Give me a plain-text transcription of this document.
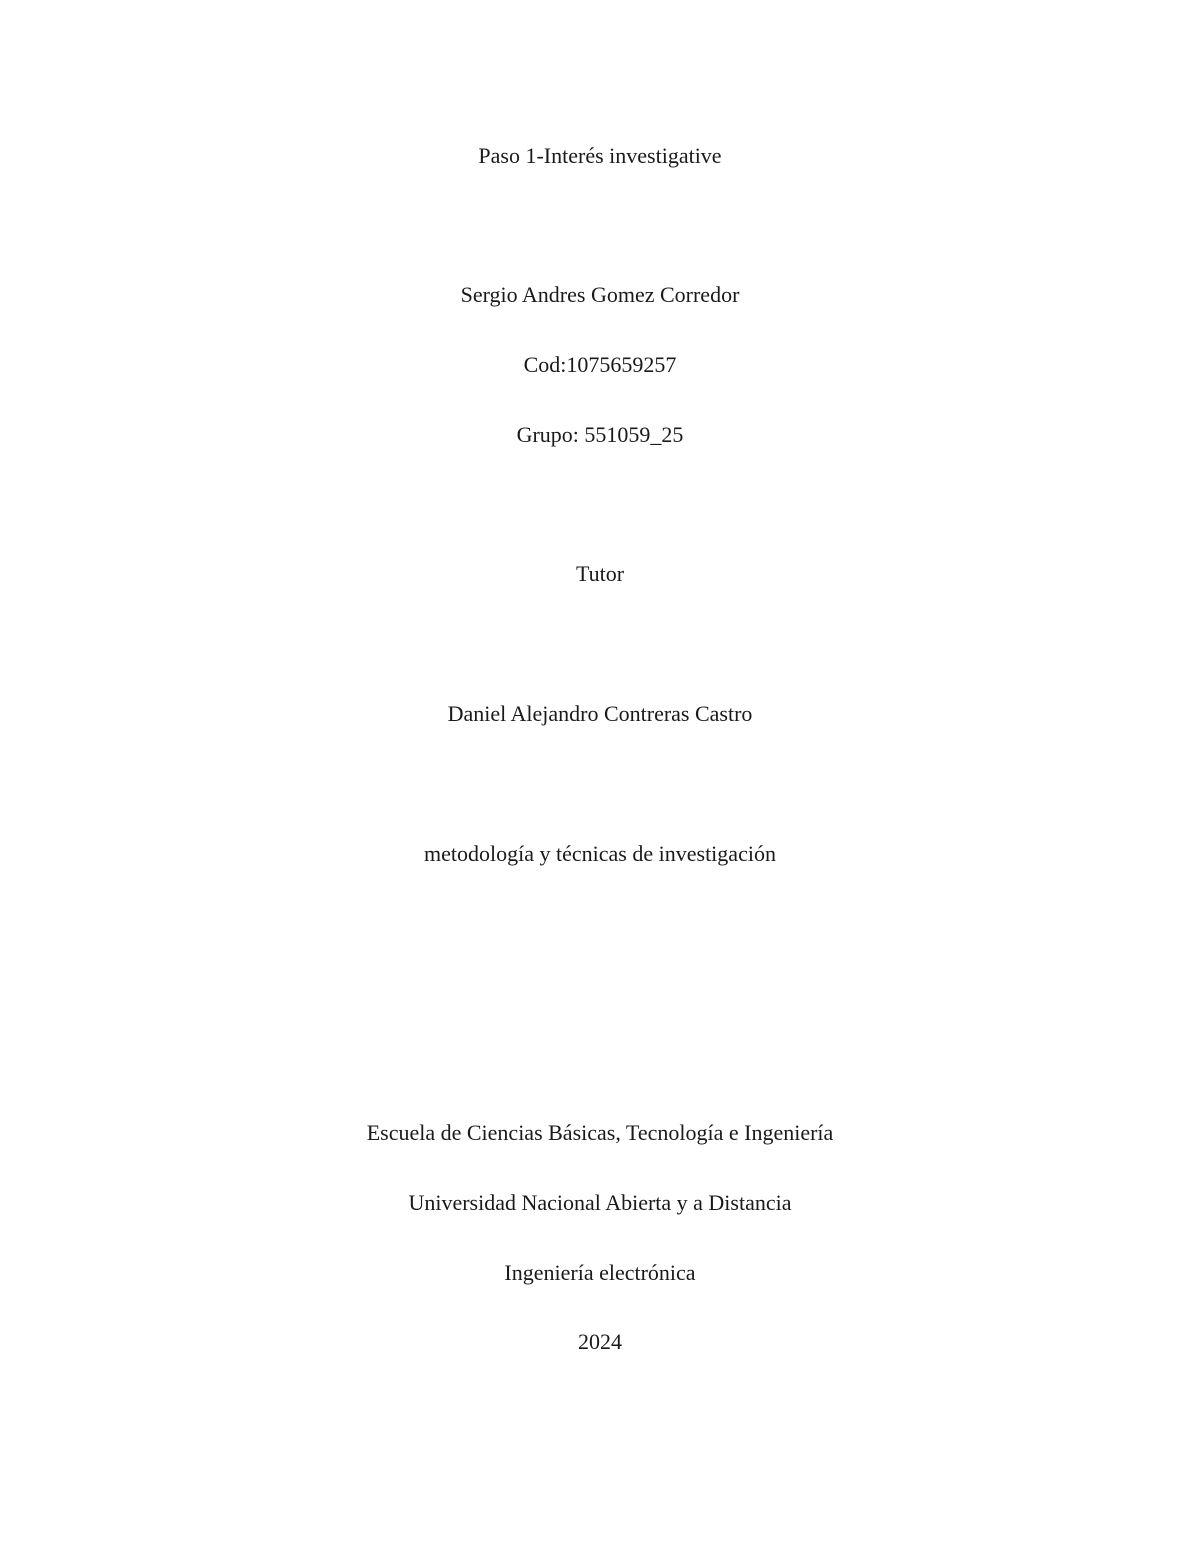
Paso 1-Interés investigative
Sergio Andres Gomez Corredor
Cod:1075659257
Grupo: 551059_25
Tutor
Daniel Alejandro Contreras Castro
metodología y técnicas de investigación
Escuela de Ciencias Básicas, Tecnología e Ingeniería
Universidad Nacional Abierta y a Distancia
Ingeniería electrónica
2024
